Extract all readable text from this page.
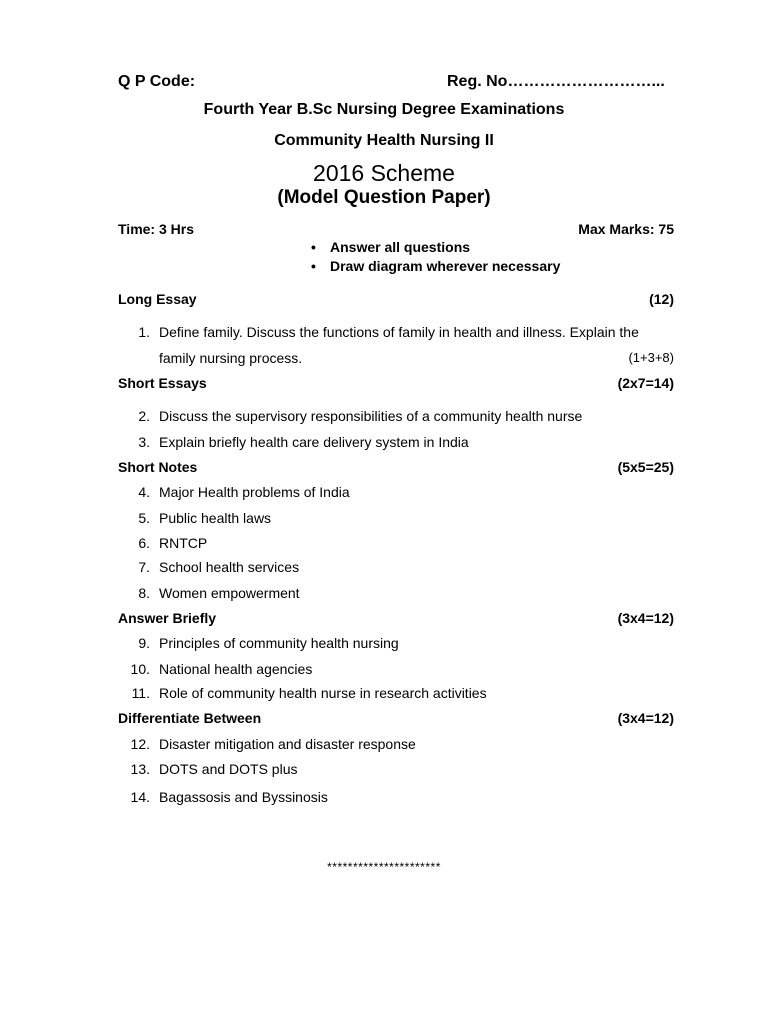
Q P Code:	Reg. No………………………...
Fourth Year B.Sc Nursing Degree Examinations
Community Health Nursing II
2016 Scheme
(Model Question Paper)
Time: 3 Hrs	Max Marks: 75
• Answer all questions
• Draw diagram wherever necessary
Long Essay	(12)
1. Define family. Discuss the functions of family in health and illness. Explain the
family nursing process.	(1+3+8)
Short Essays	(2x7=14)
2. Discuss the supervisory responsibilities of a community health nurse
3. Explain briefly health care delivery system in India
Short Notes	(5x5=25)
4. Major Health problems of India
5. Public health laws
6. RNTCP
7. School health services
8. Women empowerment
Answer Briefly	(3x4=12)
9. Principles of community health nursing
10. National health agencies
11. Role of community health nurse in research activities
Differentiate Between	(3x4=12)
12. Disaster mitigation and disaster response
13. DOTS and DOTS plus
14. Bagassosis and Byssinosis
**********************
